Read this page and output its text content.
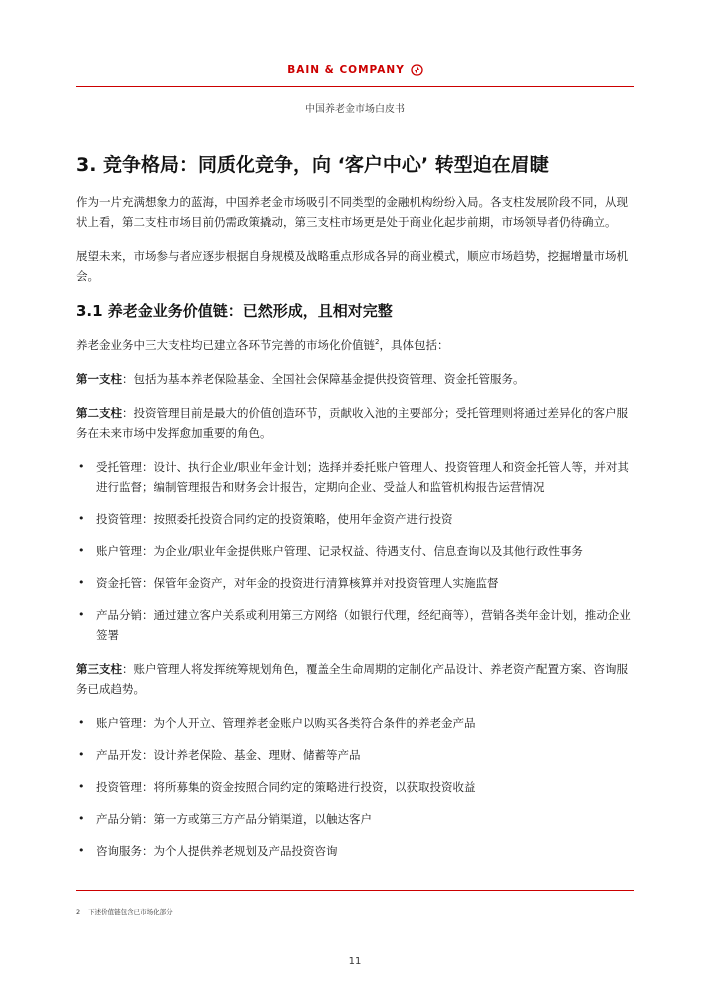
BAIN & COMPANY
中国养老金市场白皮书
3. 竞争格局：同质化竞争，向 ‘客户中心’ 转型迫在眉睫

作为一片充满想象力的蓝海，中国养老金市场吸引不同类型的金融机构纷纷入局。各支柱发展阶段不同，从现状上看，第二支柱市场目前仍需政策撬动，第三支柱市场更是处于商业化起步前期，市场领导者仍待确立。

展望未来，市场参与者应逐步根据自身规模及战略重点形成各异的商业模式，顺应市场趋势，挖掘增量市场机会。

3.1 养老金业务价值链：已然形成，且相对完整

养老金业务中三大支柱均已建立各环节完善的市场化价值链$^2$，具体包括：

第一支柱：包括为基本养老保险基金、全国社会保障基金提供投资管理、资金托管服务。

第二支柱：投资管理目前是最大的价值创造环节，贡献收入池的主要部分；受托管理则将通过差异化的客户服务在未来市场中发挥愈加重要的角色。

• 受托管理：设计、执行企业/职业年金计划；选择并委托账户管理人、投资管理人和资金托管人等，并对其进行监督；编制管理报告和财务会计报告，定期向企业、受益人和监管机构报告运营情况
• 投资管理：按照委托投资合同约定的投资策略，使用年金资产进行投资
• 账户管理：为企业/职业年金提供账户管理、记录权益、待遇支付、信息查询以及其他行政性事务
• 资金托管：保管年金资产，对年金的投资进行清算核算并对投资管理人实施监督
• 产品分销：通过建立客户关系或利用第三方网络（如银行代理，经纪商等），营销各类年金计划，推动企业签署

第三支柱：账户管理人将发挥统筹规划角色，覆盖全生命周期的定制化产品设计、养老资产配置方案、咨询服务已成趋势。

• 账户管理：为个人开立、管理养老金账户以购买各类符合条件的养老金产品
• 产品开发：设计养老保险、基金、理财、储蓄等产品
• 投资管理：将所募集的资金按照合同约定的策略进行投资，以获取投资收益
• 产品分销：第一方或第三方产品分销渠道，以触达客户
• 咨询服务：为个人提供养老规划及产品投资咨询
2 下述价值链包含已市场化部分
11
